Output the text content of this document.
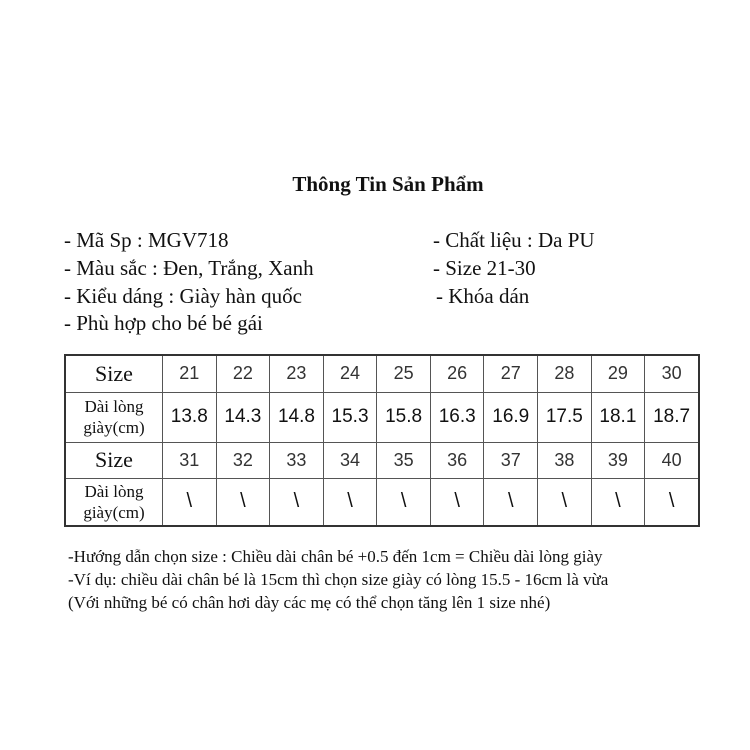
Thông Tin Sản Phẩm
- Mã Sp : MGV718	- Chất liệu : Da PU
- Màu sắc : Đen, Trắng, Xanh	- Size 21-30
- Kiểu dáng : Giày hàn quốc	- Khóa dán
- Phù hợp cho bé bé gái
Size	21	22	23	24	25	26	27	28	29	30
Dài lòng
giày(cm)	13.8	14.3	14.8	15.3	15.8	16.3	16.9	17.5	18.1	18.7
Size	31	32	33	34	35	36	37	38	39	40
Dài lòng
giày(cm)	\	\	\	\	\	\	\	\	\	\
-Hướng dẫn chọn size : Chiều dài chân bé +0.5 đến 1cm = Chiều dài lòng giày
-Ví dụ: chiều dài chân bé là 15cm thì chọn size giày có lòng 15.5 - 16cm là vừa
(Với những bé có chân hơi dày các mẹ có thể chọn tăng lên 1 size nhé)
